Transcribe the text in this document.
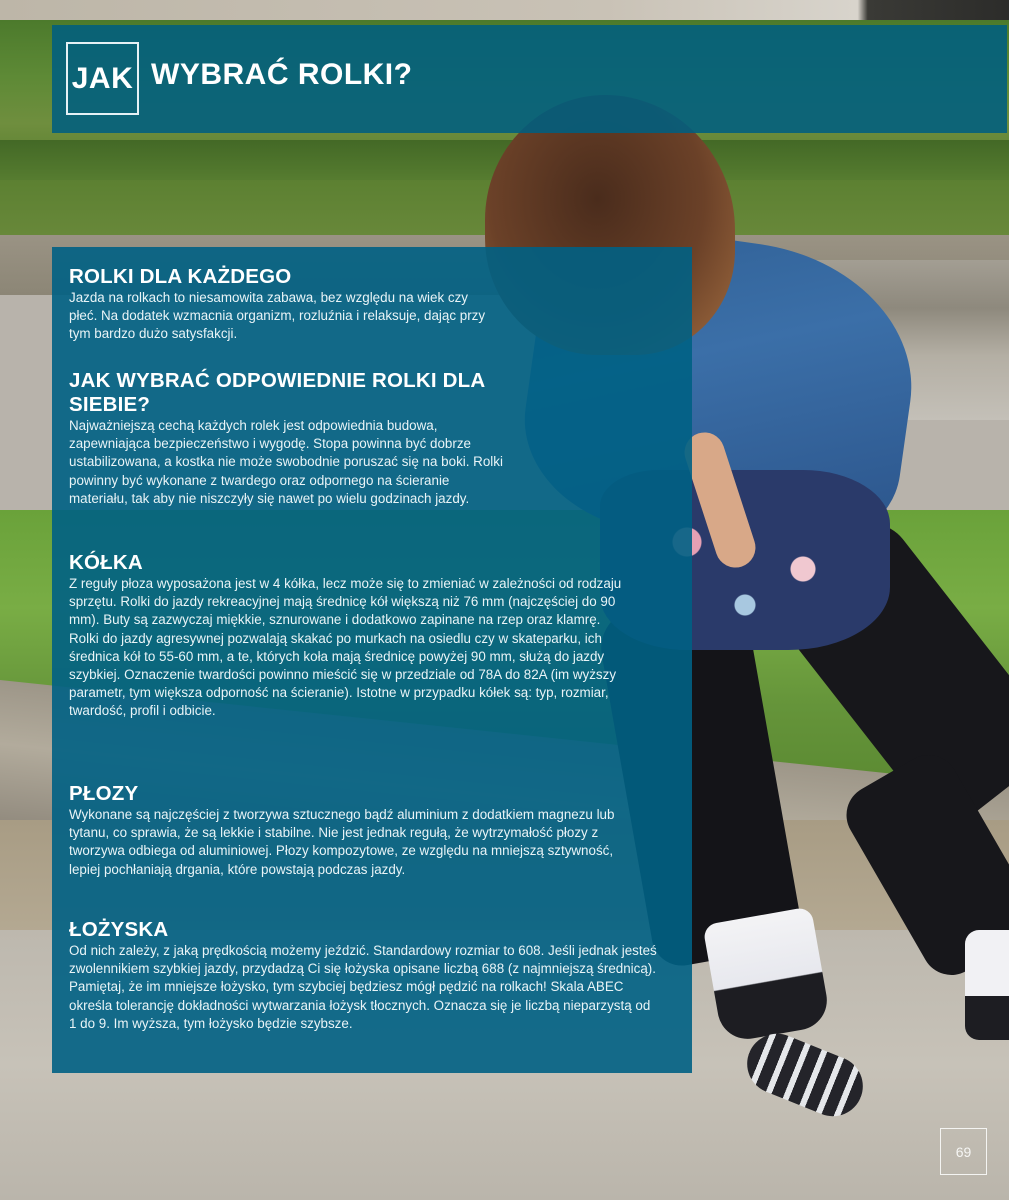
JAK WYBRAĆ ROLKI?
ROLKI DLA KAŻDEGO

Jazda na rolkach to niesamowita zabawa, bez względu na wiek czy płeć. Na dodatek wzmacnia organizm, rozluźnia i relaksuje, dając przy tym bardzo dużo satysfakcji.

JAK WYBRAĆ ODPOWIEDNIE ROLKI DLA SIEBIE?

Najważniejszą cechą każdych rolek jest odpowiednia budowa, zapewniająca bezpieczeństwo i wygodę. Stopa powinna być dobrze ustabilizowana, a kostka nie może swobodnie poruszać się na boki. Rolki powinny być wykonane z twardego oraz odpornego na ścieranie materiału, tak aby nie niszczyły się nawet po wielu godzinach jazdy.

KÓŁKA

Z reguły płoza wyposażona jest w 4 kółka, lecz może się to zmieniać w zależności od rodzaju sprzętu. Rolki do jazdy rekreacyjnej mają średnicę kół większą niż 76 mm (najczęściej do 90 mm). Buty są zazwyczaj miękkie, sznurowane i dodatkowo zapinane na rzep oraz klamrę. Rolki do jazdy agresywnej pozwalają skakać po murkach na osiedlu czy w skateparku, ich średnica kół to 55-60 mm, a te, których koła mają średnicę powyżej 90 mm, służą do jazdy szybkiej. Oznaczenie twardości powinno mieścić się w przedziale od 78A do 82A (im wyższy parametr, tym większa odporność na ścieranie). Istotne w przypadku kółek są: typ, rozmiar, twardość, profil i odbicie.

PŁOZY

Wykonane są najczęściej z tworzywa sztucznego bądź aluminium z dodatkiem magnezu lub tytanu, co sprawia, że są lekkie i stabilne. Nie jest jednak regułą, że wytrzymałość płozy z tworzywa odbiega od aluminiowej. Płozy kompozytowe, ze względu na mniejszą sztywność, lepiej pochłaniają drgania, które powstają podczas jazdy.

ŁOŻYSKA

Od nich zależy, z jaką prędkością możemy jeździć. Standardowy rozmiar to 608. Jeśli jednak jesteś zwolennikiem szybkiej jazdy, przydadzą Ci się łożyska opisane liczbą 688 (z najmniejszą średnicą). Pamiętaj, że im mniejsze łożysko, tym szybciej będziesz mógł pędzić na rolkach! Skala ABEC określa tolerancję dokładności wytwarzania łożysk tłocznych. Oznacza się je liczbą nieparzystą od 1 do 9. Im wyższa, tym łożysko będzie szybsze.

69
